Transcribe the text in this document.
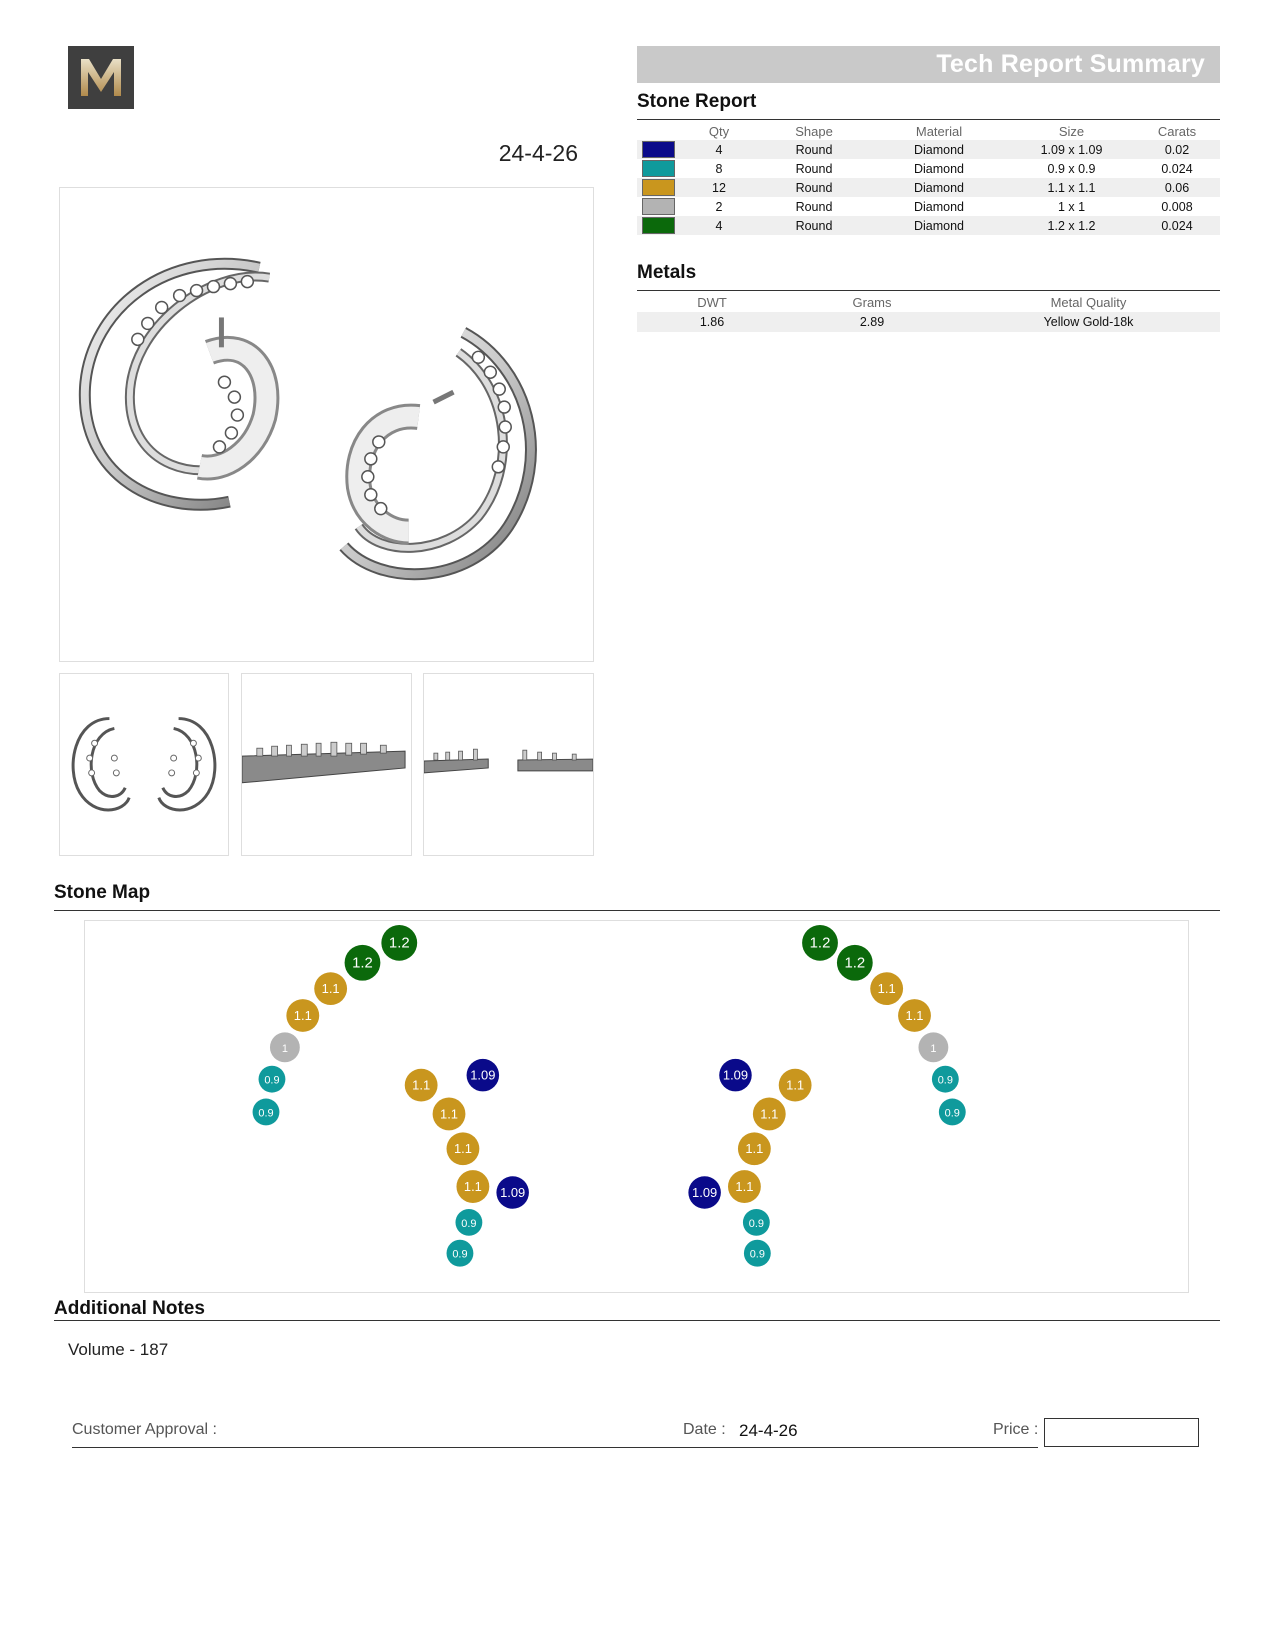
24-4-26
Tech Report Summary
Stone Report
	Qty	Shape	Material	Size	Carats
	4	Round	Diamond	1.09 x 1.09	0.02
	8	Round	Diamond	0.9 x 0.9	0.024
	12	Round	Diamond	1.1 x 1.1	0.06
	2	Round	Diamond	1 x 1	0.008
	4	Round	Diamond	1.2 x 1.2	0.024
Metals
DWT	Grams	Metal Quality
1.86	2.89	Yellow Gold-18k
Stone Map
1.2
1.2
1.1
1.1
1
0.9
0.9
1.09
1.1
1.1
1.1
1.1 1.09
0.9
0.9
1.2
1.2
1.1
1.1
1
0.9
0.9
1.09
1.1
1.1
1.1
1.1
1.09
0.9
0.9
Additional Notes
Volume - 187
Customer Approval :	Date : 24-4-26	Price :
